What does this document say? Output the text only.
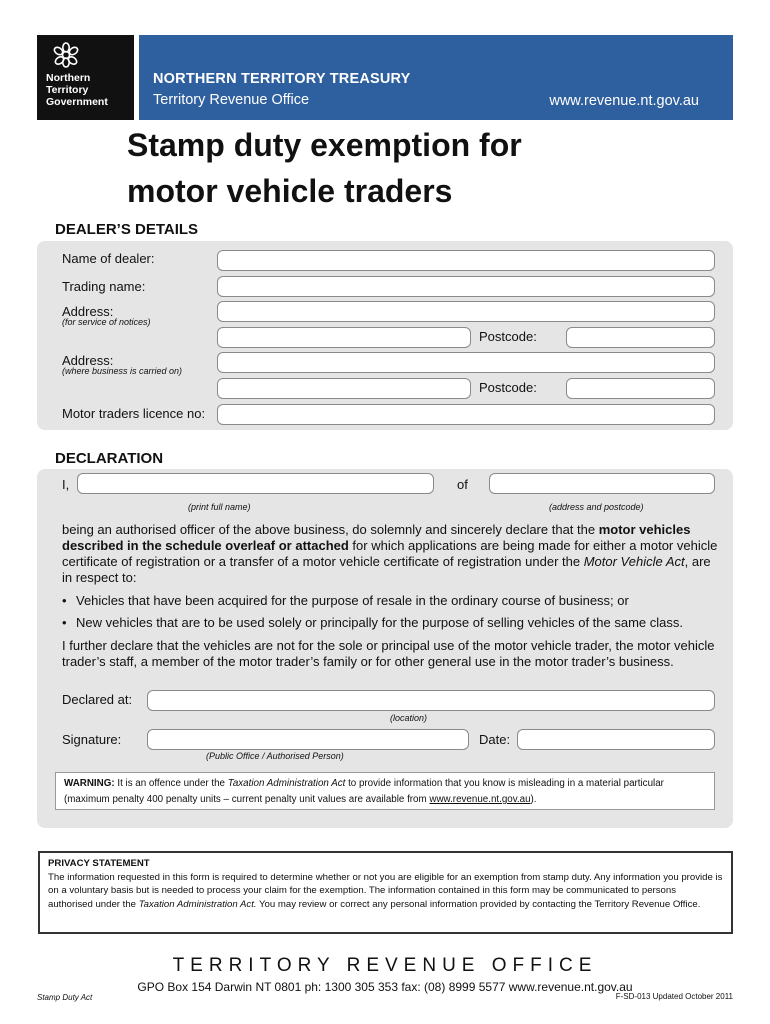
Northern
Territory
Government
NORTHERN TERRITORY TREASURY
Territory Revenue Office	www.revenue.nt.gov.au
Stamp duty exemption for
motor vehicle traders
DEALER’S DETAILS
Name of dealer:
Trading name:
Address:
(for service of notices)
Postcode:
Address:
(where business is carried on)
Postcode:
Motor traders licence no:
DECLARATION
I,	of
(print full name)	(address and postcode)
being an authorised officer of the above business, do solemnly and sincerely declare that the motor vehicles described in the schedule overleaf or attached for which applications are being made for either a motor vehicle certificate of registration or a transfer of a motor vehicle certificate of registration under the Motor Vehicle Act, are in respect to:
• Vehicles that have been acquired for the purpose of resale in the ordinary course of business; or
• New vehicles that are to be used solely or principally for the purpose of selling vehicles of the same class.
I further declare that the vehicles are not for the sole or principal use of the motor vehicle trader, the motor vehicle trader’s staff, a member of the motor trader’s family or for other general use in the motor trader’s business.
Declared at:
(location)
Signature:	Date:
(Public Office / Authorised Person)
WARNING: It is an offence under the Taxation Administration Act to provide information that you know is misleading in a material particular (maximum penalty 400 penalty units – current penalty unit values are available from www.revenue.nt.gov.au).
PRIVACY STATEMENT
The information requested in this form is required to determine whether or not you are eligible for an exemption from stamp duty. Any information you provide is on a voluntary basis but is needed to process your claim for the exemption. The information contained in this form may be communicated to persons authorised under the Taxation Administration Act. You may review or correct any personal information provided by contacting the Territory Revenue Office.
TERRITORY REVENUE OFFICE
GPO Box 154 Darwin NT 0801 ph: 1300 305 353 fax: (08) 8999 5577 www.revenue.nt.gov.au
Stamp Duty Act	F-SD-013 Updated October 2011
